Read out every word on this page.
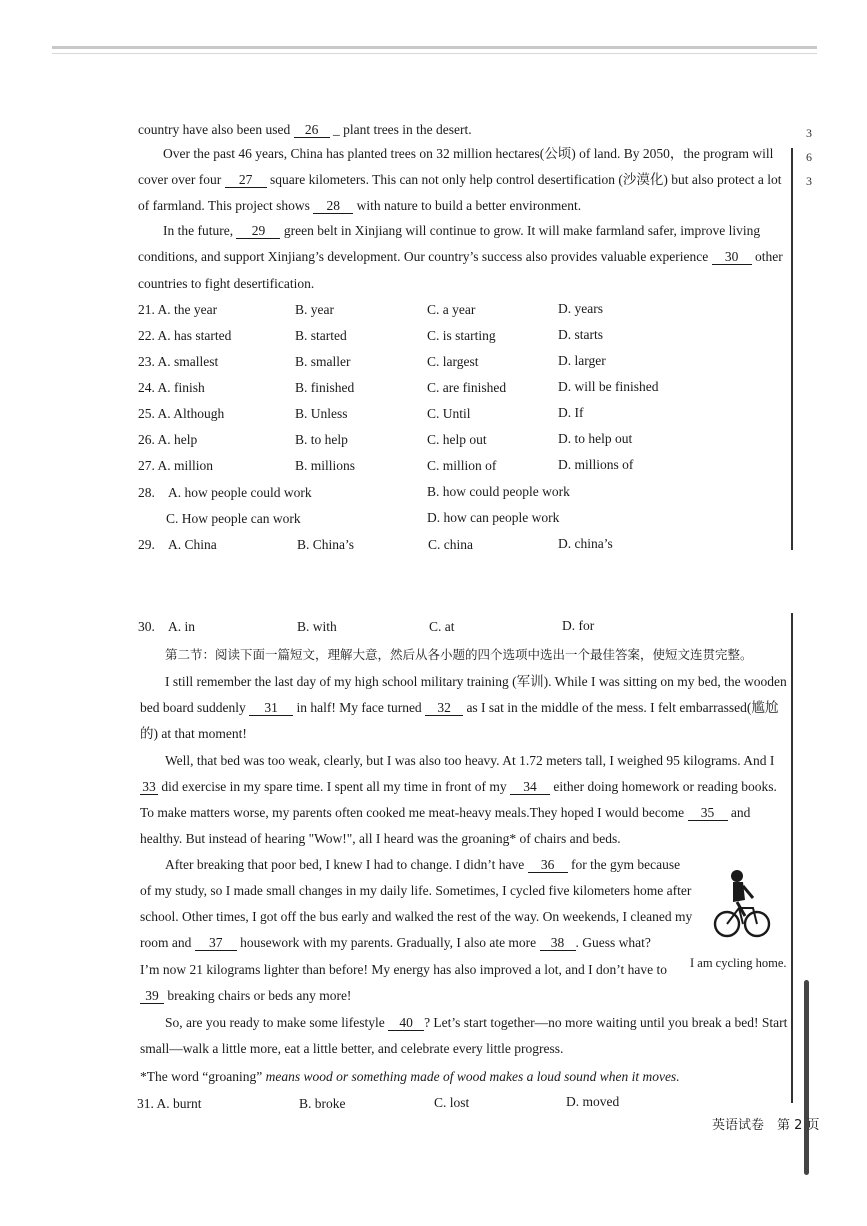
3
6
3
country have also been used 26 _ plant trees in the desert.
Over the past 46 years, China has planted trees on 32 million hectares(公顷) of land. By 2050，the program will
cover over four 27 square kilometers. This can not only help control desertification (沙漠化) but also protect a lot
of farmland. This project shows 28 with nature to build a better environment.
In the future, 29 green belt in Xinjiang will continue to grow. It will make farmland safer, improve living
conditions, and support Xinjiang’s development. Our country’s success also provides valuable experience 30 other
countries to fight desertification.
21. A. the year	B. year	C. a year	D. years
22. A. has started	B. started	C. is starting	D. starts
23. A. smallest	B. smaller	C. largest	D. larger
24. A. finish	B. finished	C. are finished	D. will be finished
25. A. Although	B. Unless	C. Until	D. If
26. A. help	B. to help	C. help out	D. to help out
27. A. million	B. millions	C. million of	D. millions of
28. A. how people could work	B. how could people work
C. How people can work	D. how can people work
29. A. China	B. China’s	C. china	D. china’s
30. A. in	B. with	C. at	D. for
第二节：阅读下面一篇短文，理解大意，然后从各小题的四个选项中选出一个最佳答案，使短文连贯完整。
I still remember the last day of my high school military training (军训). While I was sitting on my bed, the wooden
bed board suddenly 31 in half! My face turned 32 as I sat in the middle of the mess. I felt embarrassed(尴尬
的) at that moment!
Well, that bed was too weak, clearly, but I was also too heavy. At 1.72 meters tall, I weighed 95 kilograms. And I
33 did exercise in my spare time. I spent all my time in front of my 34 either doing homework or reading books.
To make matters worse, my parents often cooked me meat-heavy meals.They hoped I would become 35 and
healthy. But instead of hearing "Wow!", all I heard was the groaning* of chairs and beds.
After breaking that poor bed, I knew I had to change. I didn’t have 36 for the gym because
of my study, so I made small changes in my daily life. Sometimes, I cycled five kilometers home after
school. Other times, I got off the bus early and walked the rest of the way. On weekends, I cleaned my
room and 37 housework with my parents. Gradually, I also ate more 38 . Guess what?
I’m now 21 kilograms lighter than before! My energy has also improved a lot, and I don’t have to
39 breaking chairs or beds any more!
So, are you ready to make some lifestyle 40 ? Let’s start together—no more waiting until you break a bed! Start
small—walk a little more, eat a little better, and celebrate every little progress.
*The word “groaning” means wood or something made of wood makes a loud sound when it moves.
I am cycling home.
31. A. burnt	B. broke	C. lost	D. moved
英语试卷　第 2 页
